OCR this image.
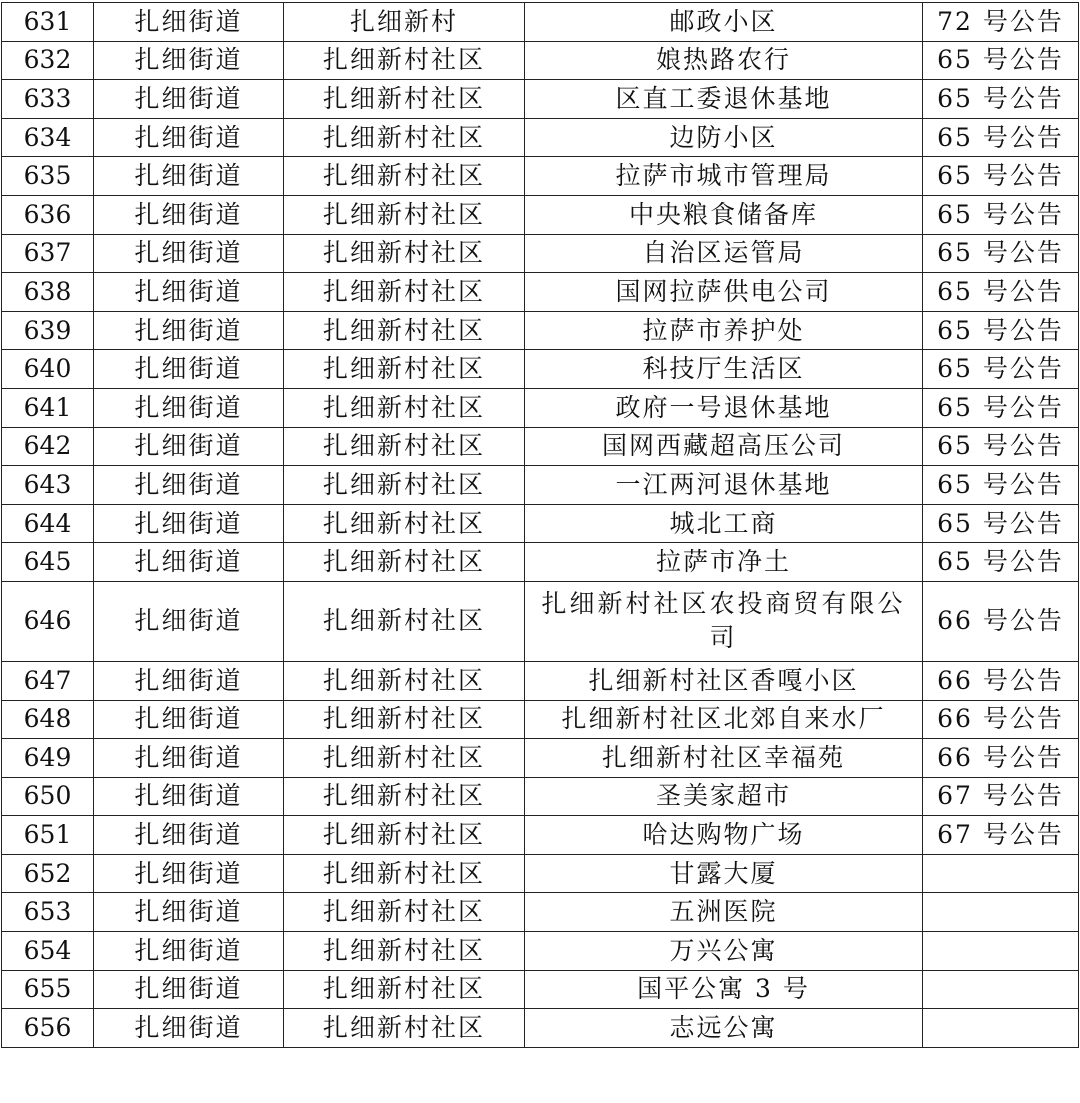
631	扎细街道	扎细新村	邮政小区	72 号公告
632	扎细街道	扎细新村社区	娘热路农行	65 号公告
633	扎细街道	扎细新村社区	区直工委退休基地	65 号公告
634	扎细街道	扎细新村社区	边防小区	65 号公告
635	扎细街道	扎细新村社区	拉萨市城市管理局	65 号公告
636	扎细街道	扎细新村社区	中央粮食储备库	65 号公告
637	扎细街道	扎细新村社区	自治区运管局	65 号公告
638	扎细街道	扎细新村社区	国网拉萨供电公司	65 号公告
639	扎细街道	扎细新村社区	拉萨市养护处	65 号公告
640	扎细街道	扎细新村社区	科技厅生活区	65 号公告
641	扎细街道	扎细新村社区	政府一号退休基地	65 号公告
642	扎细街道	扎细新村社区	国网西藏超高压公司	65 号公告
643	扎细街道	扎细新村社区	一江两河退休基地	65 号公告
644	扎细街道	扎细新村社区	城北工商	65 号公告
645	扎细街道	扎细新村社区	拉萨市净土	65 号公告
646	扎细街道	扎细新村社区	扎细新村社区农投商贸有限公司	66 号公告
647	扎细街道	扎细新村社区	扎细新村社区香嘎小区	66 号公告
648	扎细街道	扎细新村社区	扎细新村社区北郊自来水厂	66 号公告
649	扎细街道	扎细新村社区	扎细新村社区幸福苑	66 号公告
650	扎细街道	扎细新村社区	圣美家超市	67 号公告
651	扎细街道	扎细新村社区	哈达购物广场	67 号公告
652	扎细街道	扎细新村社区	甘露大厦	
653	扎细街道	扎细新村社区	五洲医院	
654	扎细街道	扎细新村社区	万兴公寓	
655	扎细街道	扎细新村社区	国平公寓 3 号	
656	扎细街道	扎细新村社区	志远公寓	
